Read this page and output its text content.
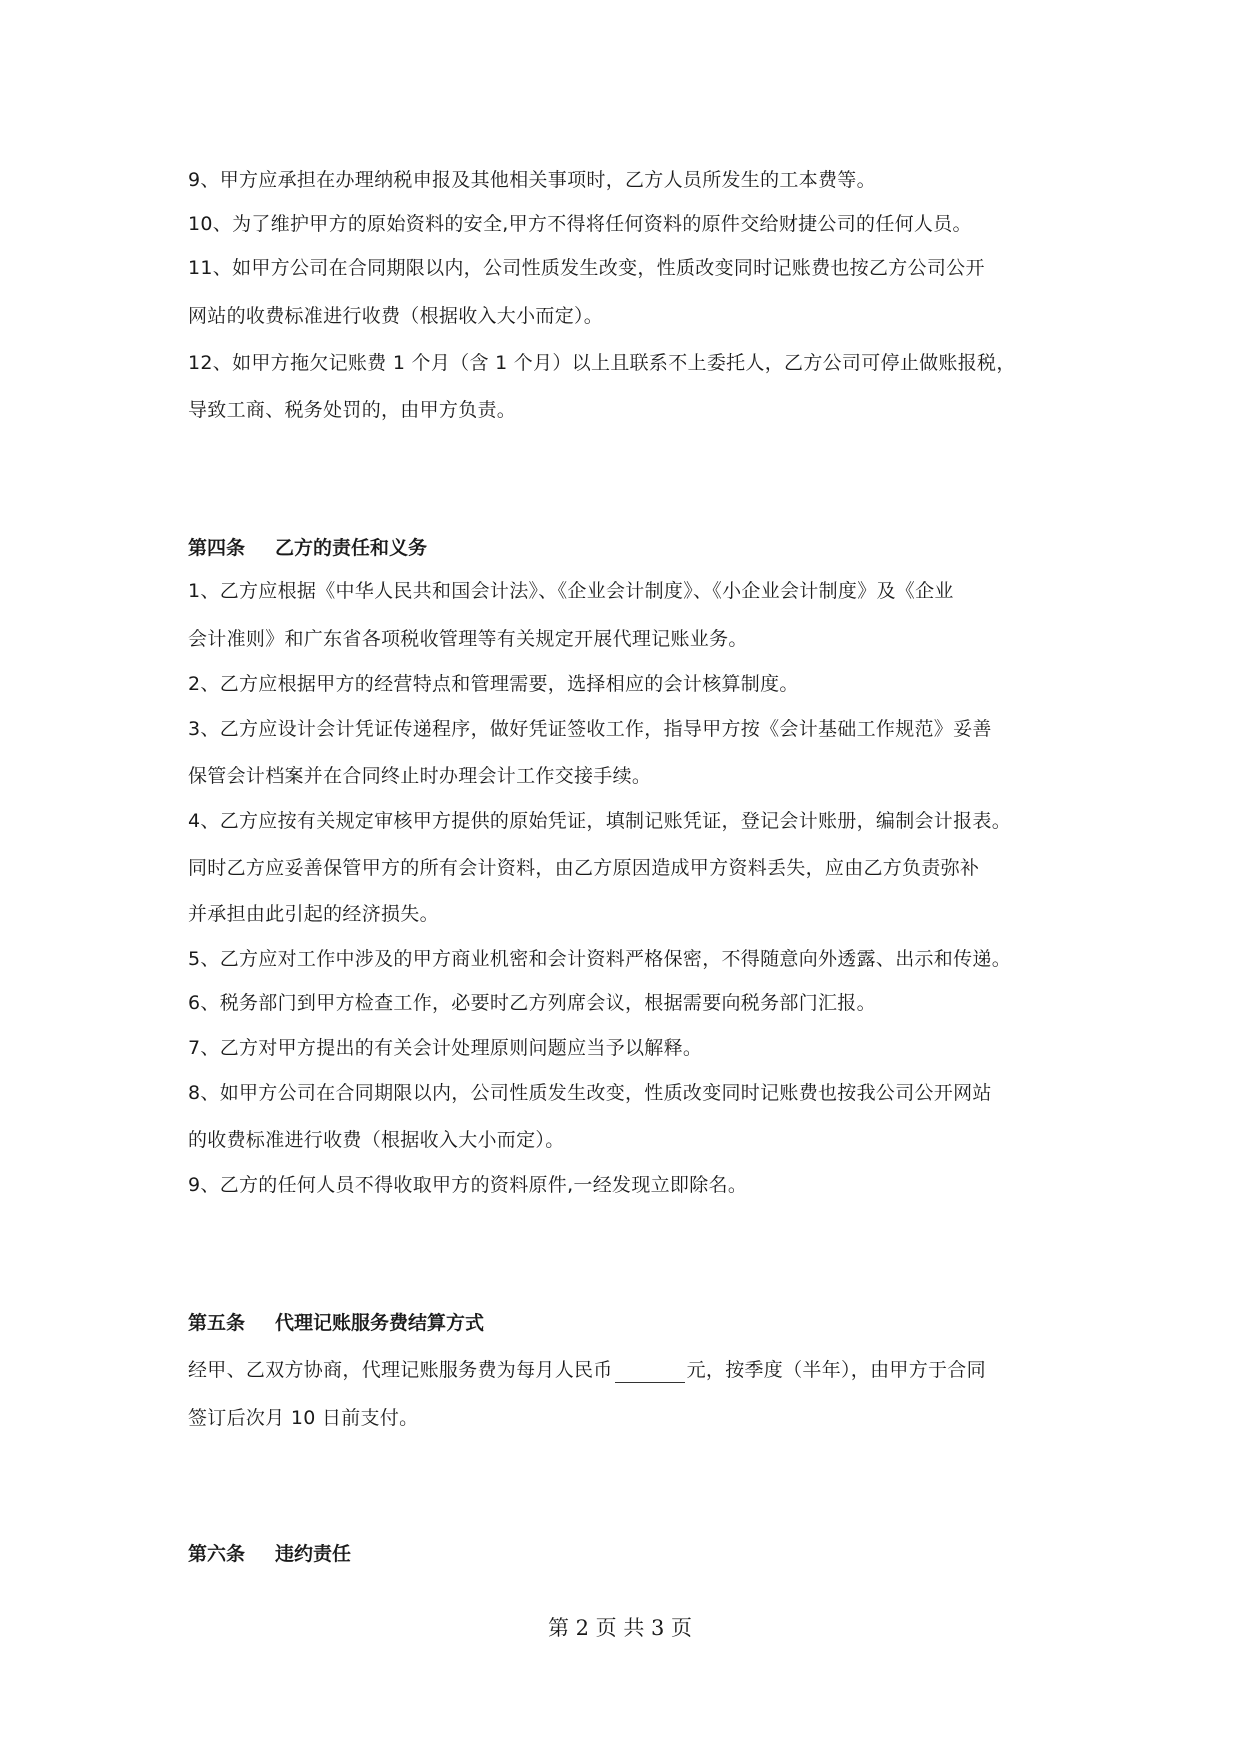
9、甲方应承担在办理纳税申报及其他相关事项时，乙方人员所发生的工本费等。
10、为了维护甲方的原始资料的安全,甲方不得将任何资料的原件交给财捷公司的任何人员。
11、如甲方公司在合同期限以内，公司性质发生改变，性质改变同时记账费也按乙方公司公开
网站的收费标准进行收费（根据收入大小而定）。
12、如甲方拖欠记账费 1 个月（含 1 个月）以上且联系不上委托人，乙方公司可停止做账报税，
导致工商、税务处罚的，由甲方负责。
第四条 乙方的责任和义务
1、乙方应根据《中华人民共和国会计法》、《企业会计制度》、《小企业会计制度》及《企业
会计准则》和广东省各项税收管理等有关规定开展代理记账业务。
2、乙方应根据甲方的经营特点和管理需要，选择相应的会计核算制度。
3、乙方应设计会计凭证传递程序，做好凭证签收工作，指导甲方按《会计基础工作规范》妥善
保管会计档案并在合同终止时办理会计工作交接手续。
4、乙方应按有关规定审核甲方提供的原始凭证，填制记账凭证，登记会计账册，编制会计报表。
同时乙方应妥善保管甲方的所有会计资料，由乙方原因造成甲方资料丢失，应由乙方负责弥补
并承担由此引起的经济损失。
5、乙方应对工作中涉及的甲方商业机密和会计资料严格保密，不得随意向外透露、出示和传递。
6、税务部门到甲方检查工作，必要时乙方列席会议，根据需要向税务部门汇报。
7、乙方对甲方提出的有关会计处理原则问题应当予以解释。
8、如甲方公司在合同期限以内，公司性质发生改变，性质改变同时记账费也按我公司公开网站
的收费标准进行收费（根据收入大小而定）。
9、乙方的任何人员不得收取甲方的资料原件,一经发现立即除名。
第五条 代理记账服务费结算方式
经甲、乙双方协商，代理记账服务费为每月人民币	元，按季度（半年），由甲方于合同
签订后次月 10 日前支付。
第六条 违约责任
第 2 页 共 3 页
